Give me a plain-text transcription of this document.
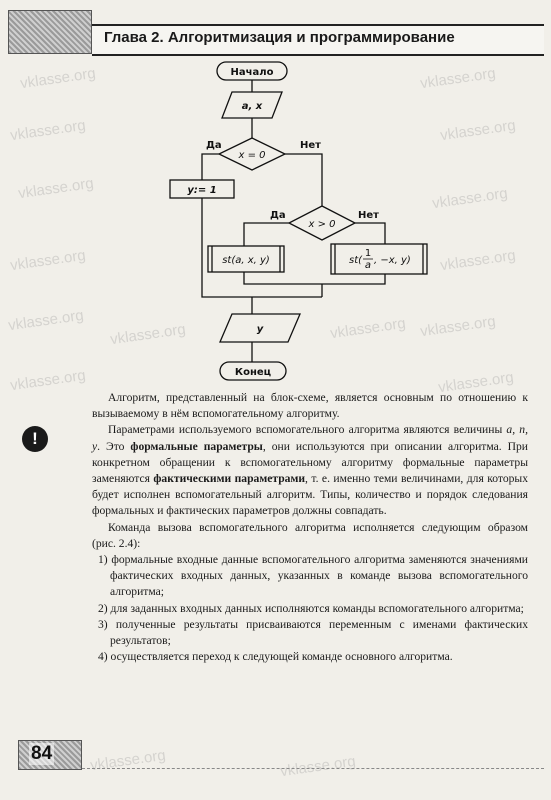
Глава 2. Алгоритмизация и программирование
vklasse.org	vklasse.org
vklasse.org	vklasse.org
vklasse.org	vklasse.org
vklasse.org	vklasse.org
vklasse.org	vklasse.org
vklasse.org	vklasse.org
vklasse.org	vklasse.org
vklasse.org	vklasse.org
Начало
a, x
x = 0
Да	Нет
y:= 1
x > 0
Да	Нет
st(a, x, y)	st(
1
a , −x, y)
y
Конец
!

Алгоритм, представленный на блок-схеме, является основным по отношению к вызываемому в нём вспомогательному алгоритму.

Параметрами используемого вспомогательного алгоритма являются величины a, n, y. Это формальные параметры, они используются при описании алгоритма. При конкретном обращении к вспомогательному алгоритму формальные параметры заменяются фактическими параметрами, т. е. именно теми величинами, для которых будет исполнен вспомогательный алгоритм. Типы, количество и порядок следования формальных и фактических параметров должны совпадать.

Команда вызова вспомогательного алгоритма исполняется следующим образом (рис. 2.4):

1) формальные входные данные вспомогательного алгоритма заменяются значениями фактических входных данных, указанных в команде вызова вспомогательного алгоритма;
2) для заданных входных данных исполняются команды вспомогательного алгоритма;
3) полученные результаты присваиваются переменным с именами фактических результатов;
4) осуществляется переход к следующей команде основного алгоритма.
84
